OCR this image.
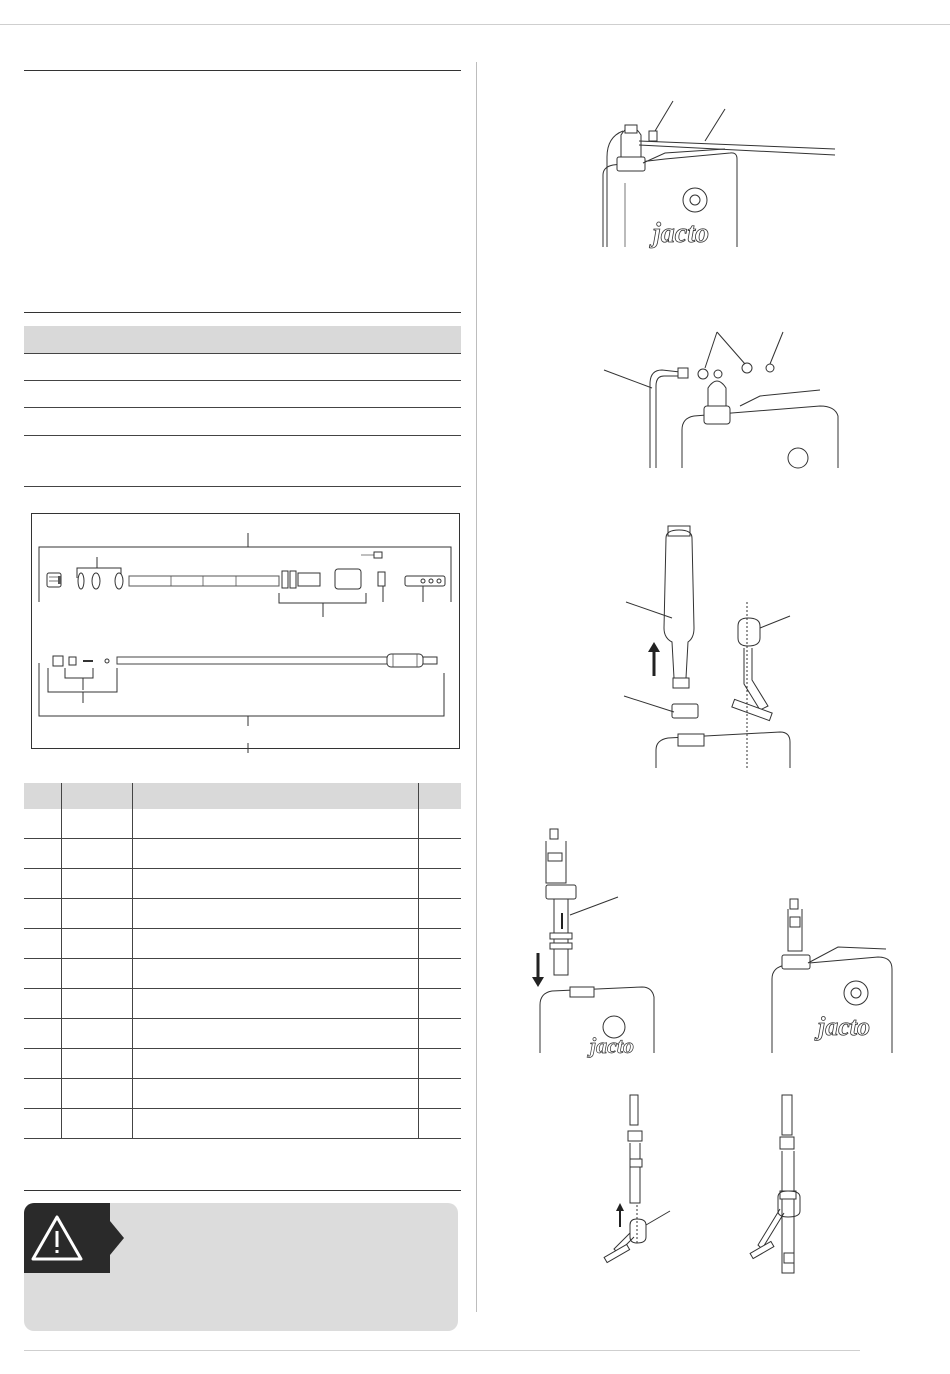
jacto
jacto
jacto
